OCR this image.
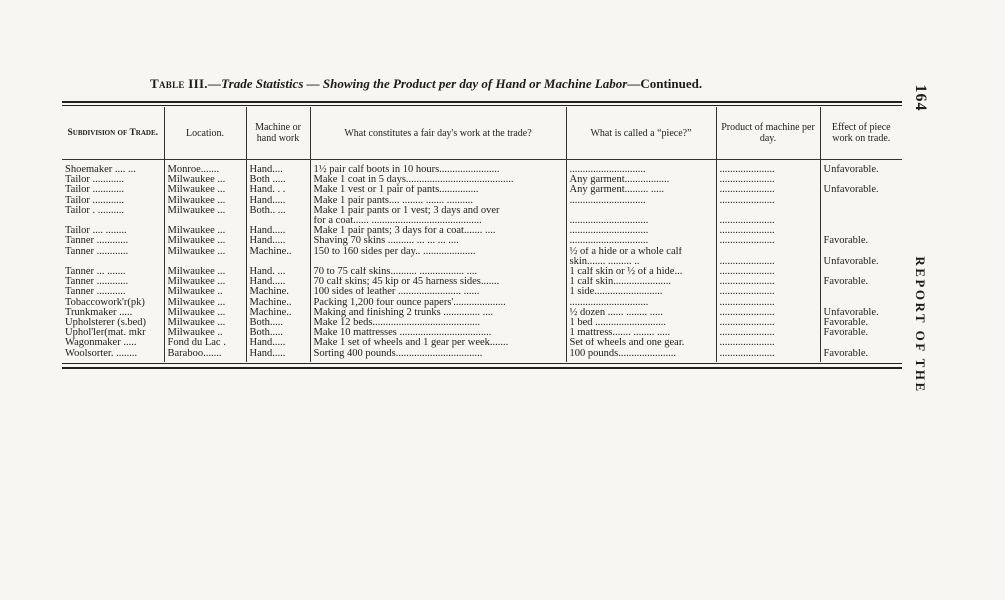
Table III.—Trade Statistics — Showing the Product per day of Hand or Machine Labor—Continued.
164
REPORT OF THE
Subdivision of Trade.	Location.	Machine or hand work	What constitutes a fair day's work at the trade?	What is called a “piece?”	Product of machine per day.	Effect of piece work on trade.
Shoemaker .... ...	Monroe.......	Hand....	1½ pair calf boots in 10 hours.......................	.............................	.....................	Unfavorable.
Tailor ............	Milwaukee ...	Both .....	Make 1 coat in 5 days.........................................	Any garment.................	.....................	
Tailor ............	Milwaukee ...	Hand. . .	Make 1 vest or 1 pair of pants...............	Any garment......... .....	.....................	Unfavorable.
Tailor ............	Milwaukee ...	Hand.....	Make 1 pair pants.... ........ ....... ..........	.............................	.....................	
Tailor . ..........	Milwaukee ...	Both.. ...	Make 1 pair pants or 1 vest; 3 days and over			
			for a coat...... ..........................................	..............................	.....................	
Tailor .... ........	Milwaukee ...	Hand.....	Make 1 pair pants; 3 days for a coat....... ....	..............................	.....................	
Tanner ............	Milwaukee ...	Hand.....	Shaving 70 skins .......... ... ... ... ....	..............................	.....................	Favorable.
Tanner ............	Milwaukee ...	Machine..	150 to 160 sides per day.. ....................	½ of a hide or a whole calf		
				skin....... ......... ..	.....................	Unfavorable.
Tanner ... .......	Milwaukee ...	Hand. ...	70 to 75 calf skins.......... ................. ....	1 calf skin or ½ of a hide...	.....................	
Tanner ............	Milwaukee ...	Hand.....	70 calf skins; 45 kip or 45 harness sides.......	1 calf skin......................	.....................	Favorable.
Tanner ...........	Milwaukee ..	Machine.	100 sides of leather ........................ ......	1 side..........................	.....................	
Tobaccowork'r(pk)	Milwaukee ...	Machine..	Packing 1,200 four ounce papers'....................	..............................	.....................	
Trunkmaker .....	Milwaukee ...	Machine..	Making and finishing 2 trunks .............. ....	½ dozen ...... ........ .....	.....................	Unfavorable.
Upholsterer (s.bed)	Milwaukee ...	Both.....	Make 12 beds.........................................	1 bed ...........................	.....................	Favorable.
Uphol'ler(mat. mkr	Milwaukee ..	Both.....	Make 10 mattresses ...................................	1 mattress....... ........ .....	.....................	Favorable.
Wagonmaker .....	Fond du Lac .	Hand.....	Make 1 set of wheels and 1 gear per week.......	Set of wheels and one gear.	.....................	
Woolsorter. ........	Baraboo.......	Hand.....	Sorting 400 pounds.................................	100 pounds......................	.....................	Favorable.
